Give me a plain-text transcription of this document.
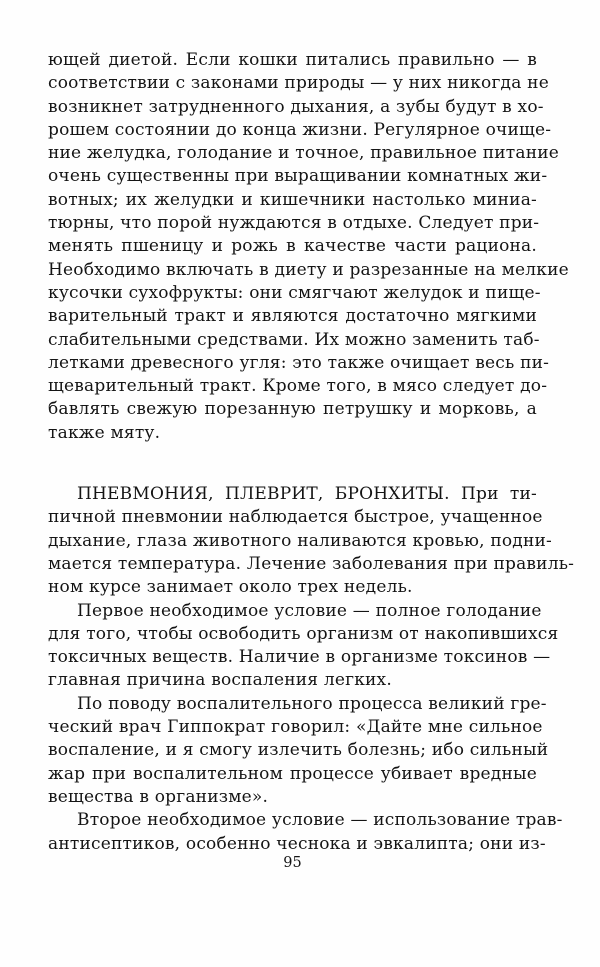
ющей диетой. Если кошки питались правильно — в
соответствии с законами природы — у них никогда не
возникнет затрудненного дыхания, а зубы будут в хо-
рошем состоянии до конца жизни. Регулярное очище-
ние желудка, голодание и точное, правильное питание
очень существенны при выращивании комнатных жи-
вотных; их желудки и кишечники настолько миниа-
тюрны, что порой нуждаются в отдыхе. Следует при-
менять пшеницу и рожь в качестве части рациона.
Необходимо включать в диету и разрезанные на мелкие
кусочки сухофрукты: они смягчают желудок и пище-
варительный тракт и являются достаточно мягкими
слабительными средствами. Их можно заменить таб-
летками древесного угля: это также очищает весь пи-
щеварительный тракт. Кроме того, в мясо следует до-
бавлять свежую порезанную петрушку и морковь, а
также мяту.
ПНЕВМОНИЯ, ПЛЕВРИТ, БРОНХИТЫ. При ти-
пичной пневмонии наблюдается быстрое, учащенное
дыхание, глаза животного наливаются кровью, подни-
мается температура. Лечение заболевания при правиль-
ном курсе занимает около трех недель.
Первое необходимое условие — полное голодание
для того, чтобы освободить организм от накопившихся
токсичных веществ. Наличие в организме токсинов —
главная причина воспаления легких.
По поводу воспалительного процесса великий гре-
ческий врач Гиппократ говорил: «Дайте мне сильное
воспаление, и я смогу излечить болезнь; ибо сильный
жар при воспалительном процессе убивает вредные
вещества в организме».
Второе необходимое условие — использование трав-
антисептиков, особенно чеснока и эвкалипта; они из-
95
